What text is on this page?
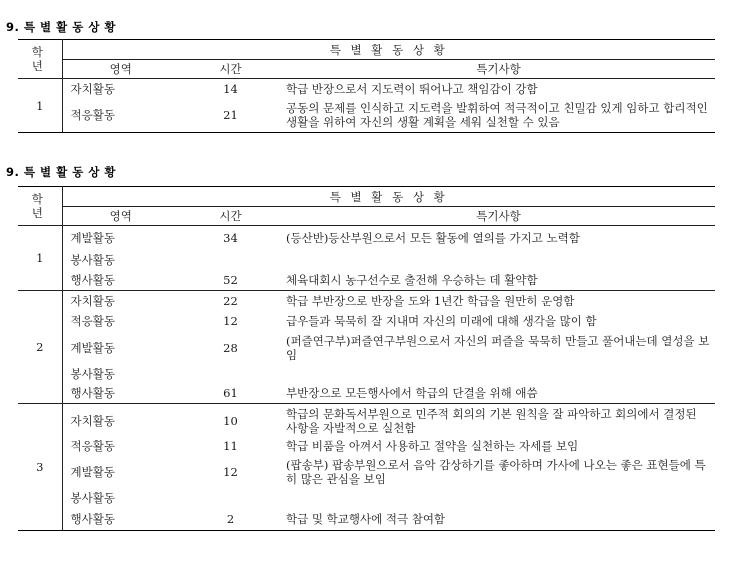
9. 특 별 활 동 상 황
학 년	특 별 활 동 상 황		
	영역	시간	특기사항
1	자치활동	14	학급 반장으로서 지도력이 뛰어나고 책임감이 강함
	적응활동	21	공동의 문제를 인식하고 지도력을 발휘하여 적극적이고 친밀감 있게 임하고 합리적인 생활을 위하여 자신의 생활 계획을 세워 실천할 수 있음
9. 특 별 활 동 상 황
학 년	특 별 활 동 상 황		
	영역	시간	특기사항
1	계발활동	34	(등산반)등산부원으로서 모든 활동에 열의를 가지고 노력함
	봉사활동		
	행사활동	52	체육대회시 농구선수로 출전해 우승하는 데 활약함
2	자치활동	22	학급 부반장으로 반장을 도와 1년간 학급을 원만히 운영함
	적응활동	12	급우들과 묵묵히 잘 지내며 자신의 미래에 대해 생각을 많이 함
	계발활동	28	(퍼즐연구부)퍼즐연구부원으로서 자신의 퍼즐을 묵묵히 만들고 풀어내는데 열성을 보임
	봉사활동		
	행사활동	61	부반장으로 모든행사에서 학급의 단결을 위해 애씀
3	자치활동	10	학급의 문화독서부원으로 민주적 회의의 기본 원칙을 잘 파악하고 회의에서 결정된 사항을 자발적으로 실천함
	적응활동	11	학급 비품을 아껴서 사용하고 절약을 실천하는 자세를 보임
	계발활동	12	(팝송부) 팝송부원으로서 음악 감상하기를 좋아하며 가사에 나오는 좋은 표현들에 특히 많은 관심을 보임
	봉사활동		
	행사활동	2	학급 및 학교행사에 적극 참여함
